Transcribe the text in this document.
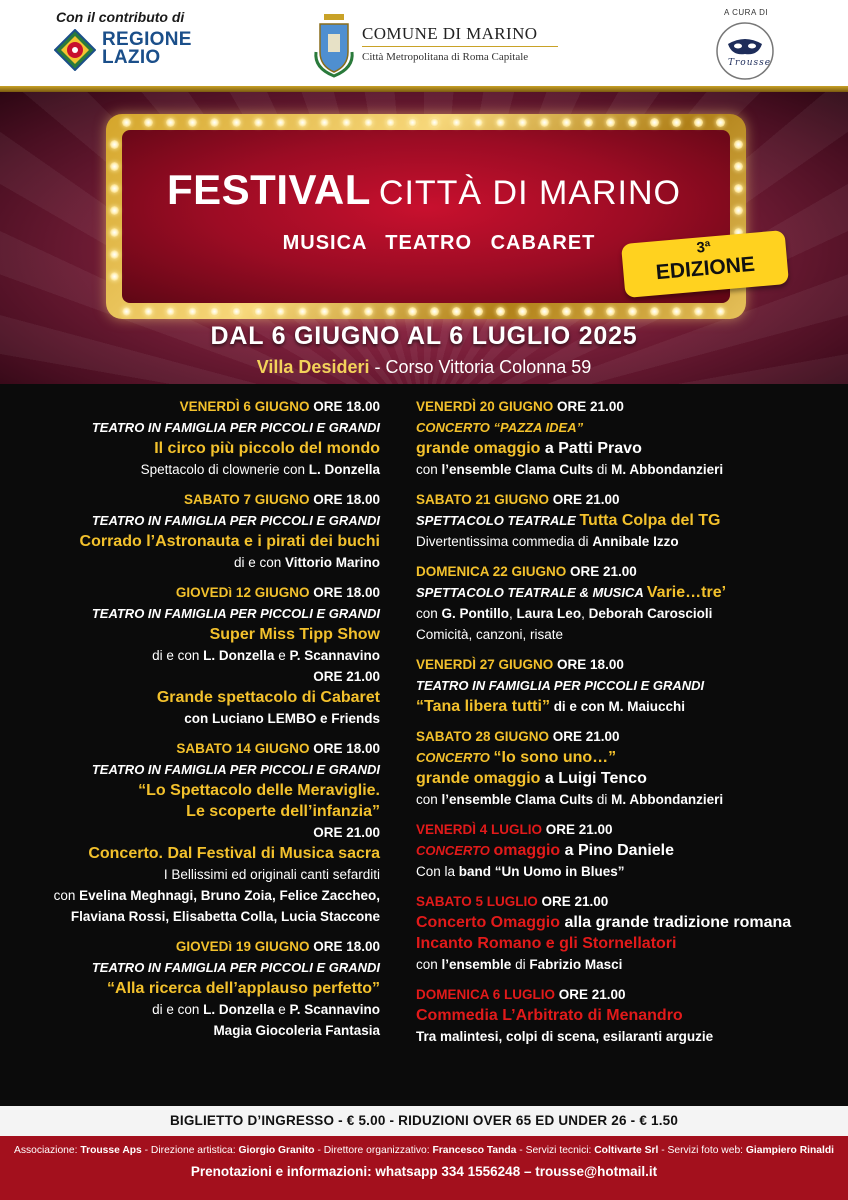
Con il contributo di
REGIONE
LAZIO
COMUNE DI MARINO
Città Metropolitana di Roma Capitale
A CURA DI
Trousse
FESTIVAL CITTÀ DI MARINO
MUSICA TEATRO CABARET	3ª
EDIZIONE
DAL 6 GIUGNO AL 6 LUGLIO 2025
Villa Desideri - Corso Vittoria Colonna 59
VENERDÌ 6 GIUGNO ORE 18.00
TEATRO IN FAMIGLIA PER PICCOLI E GRANDI
Il circo più piccolo del mondo
Spettacolo di clownerie con L. Donzella
SABATO 7 GIUGNO ORE 18.00
TEATRO IN FAMIGLIA PER PICCOLI E GRANDI
Corrado l’Astronauta e i pirati dei buchi
di e con Vittorio Marino
GIOVEDì 12 GIUGNO ORE 18.00
TEATRO IN FAMIGLIA PER PICCOLI E GRANDI
Super Miss Tipp Show
di e con L. Donzella e P. Scannavino
ORE 21.00
Grande spettacolo di Cabaret
con Luciano LEMBO e Friends
SABATO 14 GIUGNO ORE 18.00
TEATRO IN FAMIGLIA PER PICCOLI E GRANDI
“Lo Spettacolo delle Meraviglie.
Le scoperte dell’infanzia”
ORE 21.00
Concerto. Dal Festival di Musica sacra
I Bellissimi ed originali canti sefarditi
con Evelina Meghnagi, Bruno Zoia, Felice Zaccheo,
Flaviana Rossi, Elisabetta Colla, Lucia Staccone
GIOVEDì 19 GIUGNO ORE 18.00
TEATRO IN FAMIGLIA PER PICCOLI E GRANDI
“Alla ricerca dell’applauso perfetto”
di e con L. Donzella e P. Scannavino
Magia Giocoleria Fantasia
VENERDÌ 20 GIUGNO ORE 21.00
CONCERTO “PAZZA IDEA”
grande omaggio a Patti Pravo
con l’ensemble Clama Cults di M. Abbondanzieri
SABATO 21 GIUGNO ORE 21.00
SPETTACOLO TEATRALE Tutta Colpa del TG
Divertentissima commedia di Annibale Izzo
DOMENICA 22 GIUGNO ORE 21.00
SPETTACOLO TEATRALE & MUSICA Varie…tre’
con G. Pontillo, Laura Leo, Deborah Caroscioli
Comicità, canzoni, risate
VENERDÌ 27 GIUGNO ORE 18.00
TEATRO IN FAMIGLIA PER PICCOLI E GRANDI
“Tana libera tutti” di e con M. Maiucchi
SABATO 28 GIUGNO ORE 21.00
CONCERTO “Io sono uno…”
grande omaggio a Luigi Tenco
con l’ensemble Clama Cults di M. Abbondanzieri
VENERDÌ 4 LUGLIO ORE 21.00
CONCERTO omaggio a Pino Daniele
Con la band “Un Uomo in Blues”
SABATO 5 LUGLIO ORE 21.00
Concerto Omaggio alla grande tradizione romana
Incanto Romano e gli Stornellatori
con l’ensemble di Fabrizio Masci
DOMENICA 6 LUGLIO ORE 21.00
Commedia L’Arbitrato di Menandro
Tra malintesi, colpi di scena, esilaranti arguzie
BIGLIETTO D’INGRESSO - € 5.00 - RIDUZIONI OVER 65 ED UNDER 26 - € 1.50
Associazione: Trousse Aps - Direzione artistica: Giorgio Granito - Direttore organizzativo: Francesco Tanda - Servizi tecnici: Coltivarte Srl - Servizi foto web: Giampiero Rinaldi
Prenotazioni e informazioni: whatsapp 334 1556248 – trousse@hotmail.it
